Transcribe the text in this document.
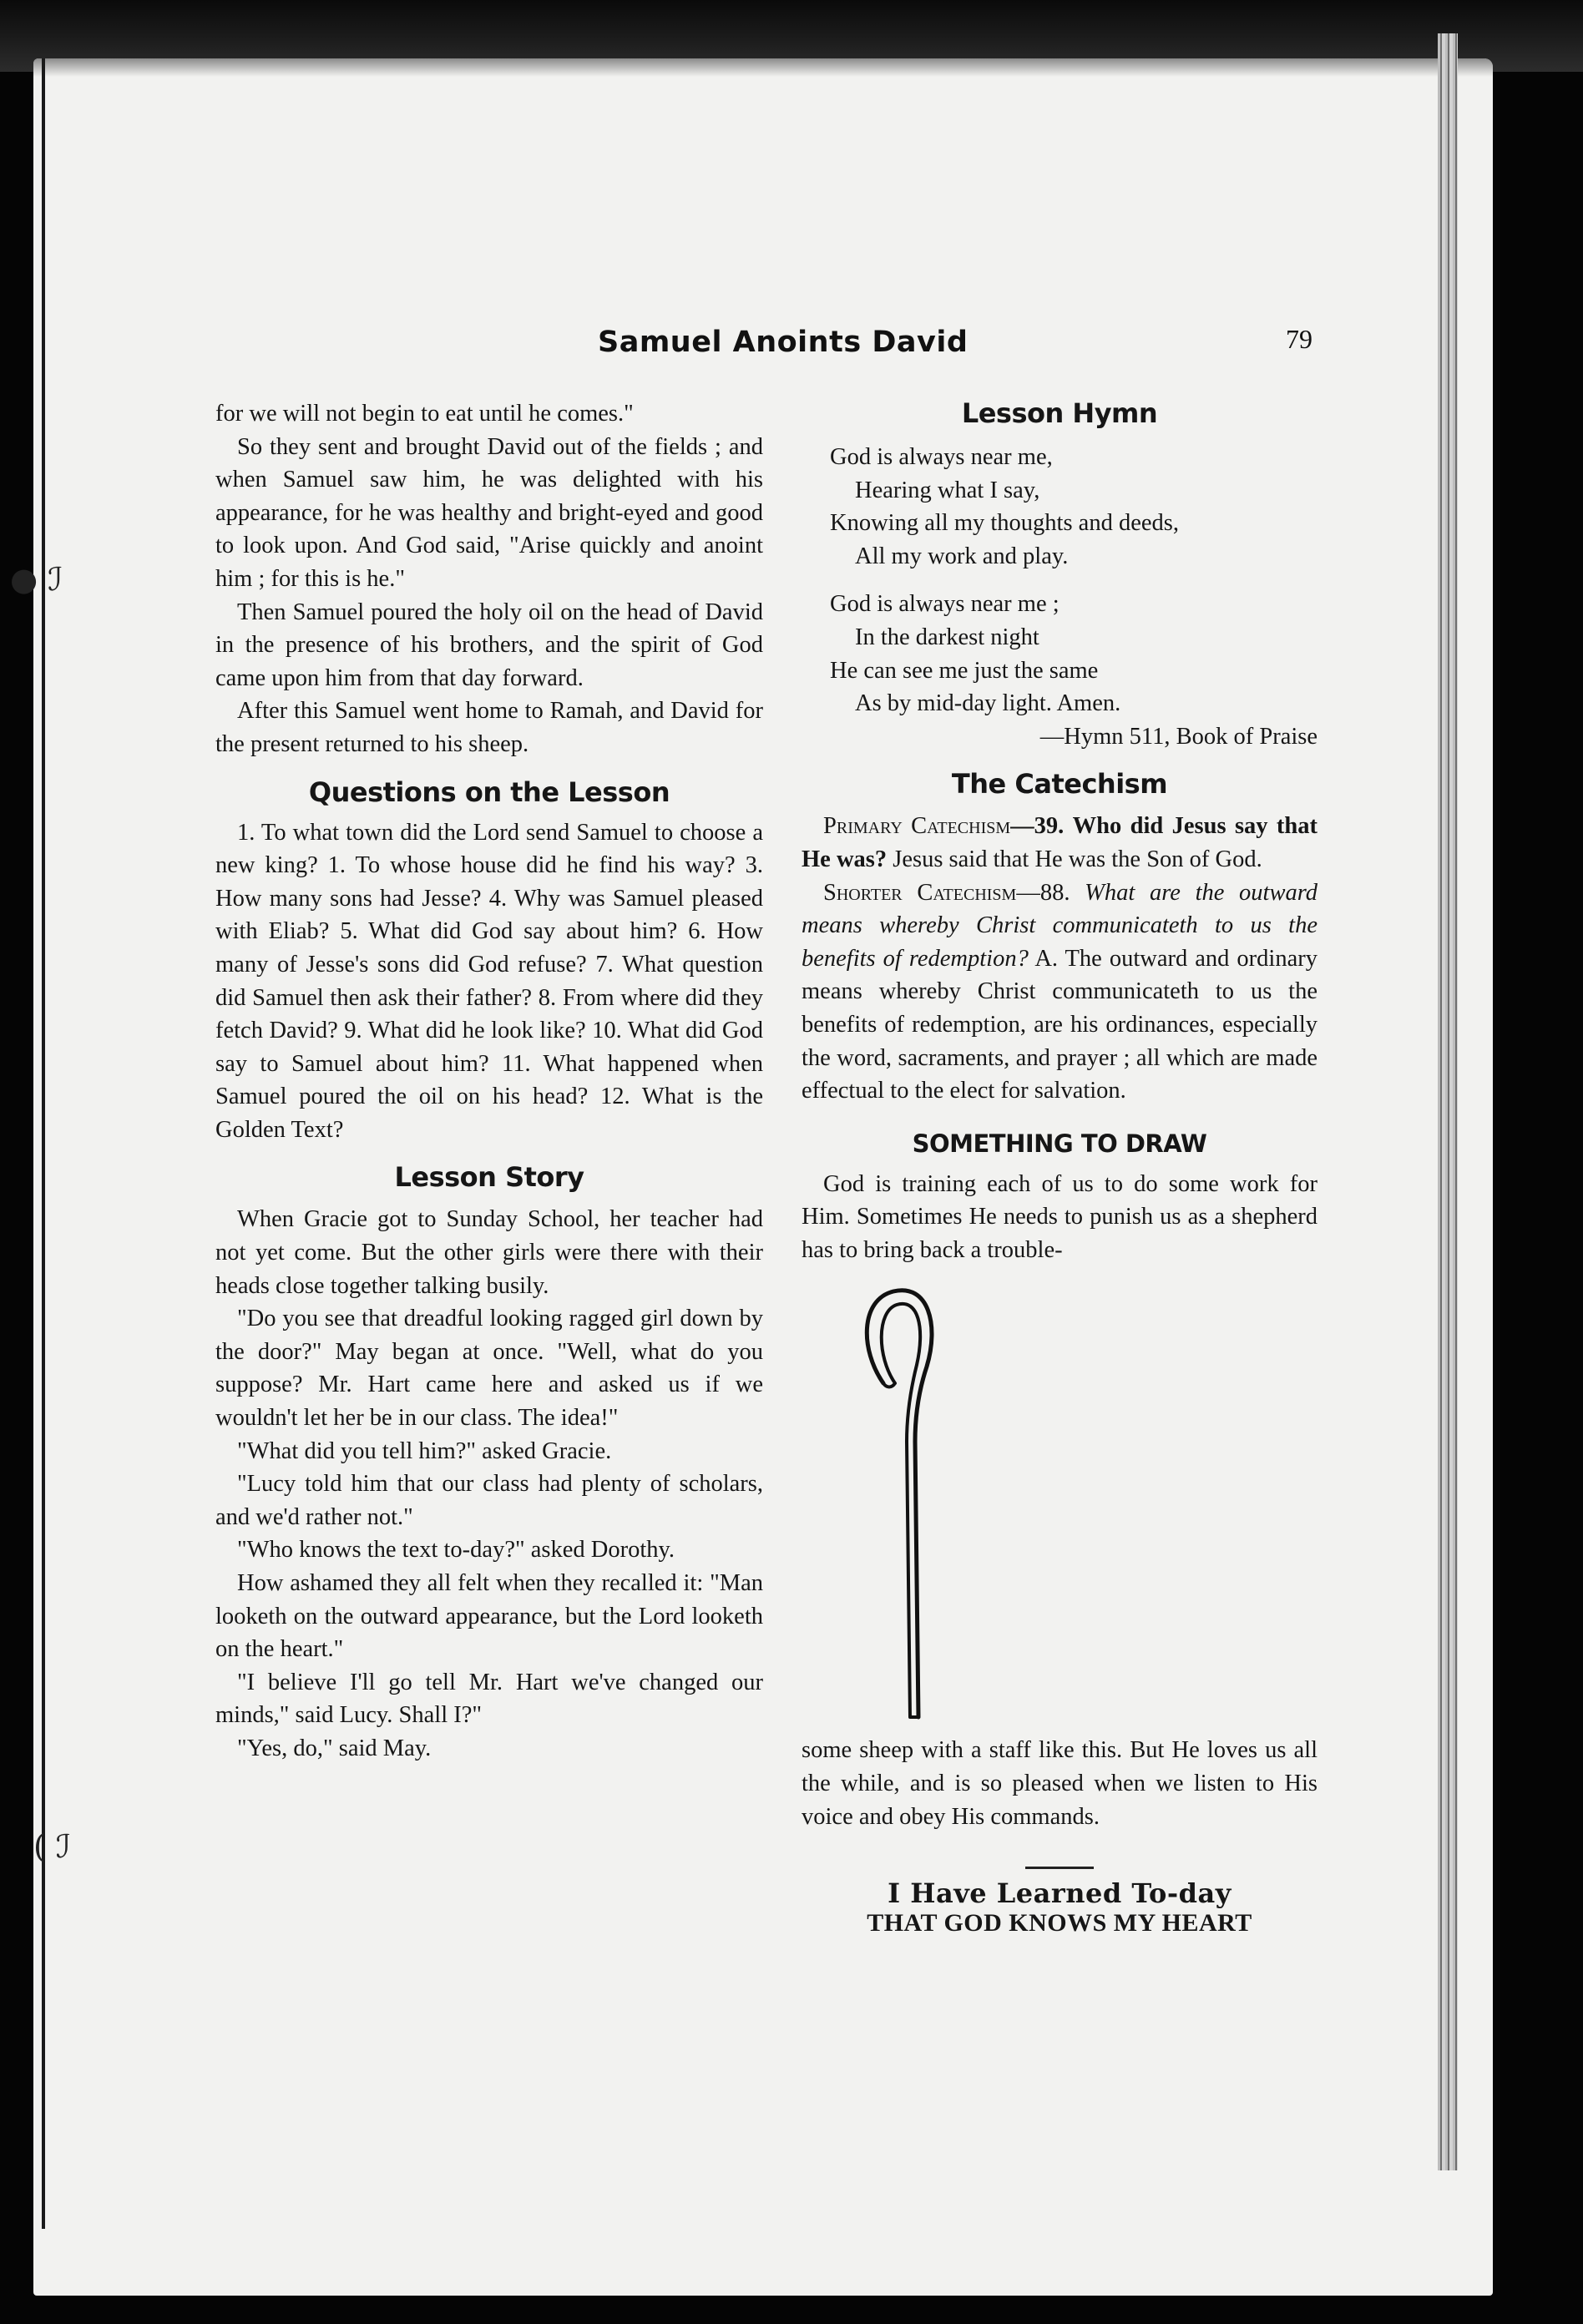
● ℐ
( ℐ
Samuel Anoints David	79

for we will not begin to eat until he comes."

So they sent and brought David out of the fields ; and when Samuel saw him, he was delighted with his appearance, for he was healthy and bright-eyed and good to look upon. And God said, "Arise quickly and anoint him ; for this is he."

Then Samuel poured the holy oil on the head of David in the presence of his brothers, and the spirit of God came upon him from that day forward.

After this Samuel went home to Ramah, and David for the present returned to his sheep.

Questions on the Lesson

1. To what town did the Lord send Samuel to choose a new king? 1. To whose house did he find his way? 3. How many sons had Jesse? 4. Why was Samuel pleased with Eliab? 5. What did God say about him? 6. How many of Jesse's sons did God refuse? 7. What question did Samuel then ask their father? 8. From where did they fetch David? 9. What did he look like? 10. What did God say to Samuel about him? 11. What happened when Samuel poured the oil on his head? 12. What is the Golden Text?

Lesson Story

When Gracie got to Sunday School, her teacher had not yet come. But the other girls were there with their heads close together talking busily.

"Do you see that dreadful looking ragged girl down by the door?" May began at once. "Well, what do you suppose? Mr. Hart came here and asked us if we wouldn't let her be in our class. The idea!"

"What did you tell him?" asked Gracie.

"Lucy told him that our class had plenty of scholars, and we'd rather not."

"Who knows the text to-day?" asked Dorothy.

How ashamed they all felt when they recalled it: "Man looketh on the outward appearance, but the Lord looketh on the heart."

"I believe I'll go tell Mr. Hart we've changed our minds," said Lucy. Shall I?"

"Yes, do," said May.

Lesson Hymn
God is always near me,
Hearing what I say,
Knowing all my thoughts and deeds,
All my work and play.
God is always near me ;
In the darkest night
He can see me just the same
As by mid-day light. Amen.

—Hymn 511, Book of Praise

The Catechism

Primary Catechism—39. Who did Jesus say that He was? Jesus said that He was the Son of God.

Shorter Catechism—88. What are the outward means whereby Christ communicateth to us the benefits of redemption? A. The outward and ordinary means whereby Christ communicateth to us the benefits of redemption, are his ordinances, especially the word, sacraments, and prayer ; all which are made effectual to the elect for salvation.

SOMETHING TO DRAW

God is training each of us to do some work for Him. Sometimes He needs to punish us as a shepherd has to bring back a trouble-

some sheep with a staff like this. But He loves us all the while, and is so pleased when we listen to His voice and obey His commands.

I Have Learned To-day
THAT GOD KNOWS MY HEART
